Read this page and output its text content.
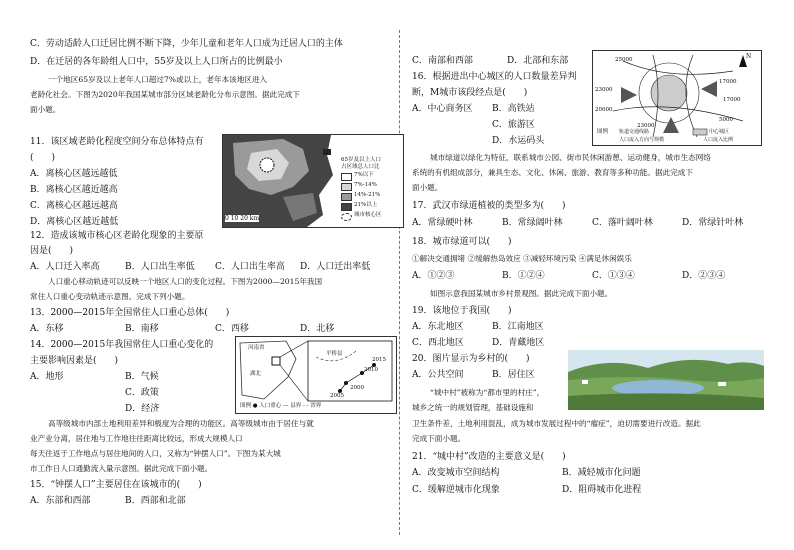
C．劳动适龄人口迁居比例不断下降，少年儿童和老年人口成为迁居人口的主体
D．在迁居的各年龄组人口中，55岁及以上人口所占的比例最小
一个地区65岁及以上老年人口超过7%或以上，老年本该地区进入
老龄化社会。下图为2020年我国某城市部分区域老龄化分布示意图。据此完成下
面小题。
11．该区域老龄化程度空间分布总体特点有
(　　)
A．离核心区越远越低
B．离核心区越近越高
C．离核心区越远越高
D．离核心区越近越低	0 10 20 km
65岁及以上人口
占区域总人口比
7%以下
7%-14%
14%-21%
21%以上
城市核心区
12．造成该城市核心区老龄化现象的主要原
因是(　　)
A．人口迁入率高	B．人口出生率低 C．人口出生率高 D．人口迁出率低
人口重心移动轨迹可以反映一个地区人口的变化过程。下图为2000—2015年我国
常住人口重心变动轨迹示意图。完成下列小题。
13．2000—2015年全国常住人口重心总体(　　)
A．东移	B．南移	C．西移	D．北移
14．2000—2015年我国常住人口重心变化的
主要影响因素是(　　)
A．地形	B．气候
C．政策
D．经济
河南省
湖北
平桥县
2015
2010
2005
2000
图例 ● 人口重心 — 县界 - - 省界
高等级城市内部土地利用差异和极度为合理的功能区。高等级城市由于居住与就
业产业分离，居住地与工作地往往距离比较远，形成大规模人口
每天往返于工作地点与居住地间的人口，又称为“钟摆人口”。下图为某大城
市工作日人口通勤流入量示意图。据此完成下面小题。
15．“钟摆人口”主要居住在该城市的(　　)
A．东部和西部	B．西部和北部
C．南部和西部	D．北部和东部
16．根据进出中心城区的人口数量差异判
断，M城市该段经点是(　　)
A．中心商务区 B．高铁站
C．旅游区
D．水运码头
N
25000
17000
23000
17000
20000
5000
23000
图例 轨道交通线路	中心城区
人口流入方向与规模	人口流入比例
城市绿道以绿化为特征，联系城市公园、街市民休闲游憩、运动健身，城市生态网络
系统的有机组成部分，兼具生态、文化、休闲、旅游、教育等多种功能。据此完成下
面小题。
17．武汉市绿道植被的类型多为(　　)
A．常绿硬叶林	B．常绿阔叶林	C．落叶阔叶林	D．常绿针叶林
18．城市绿道可以(　　)
①解决交通拥堵 ②缓解热岛效应 ③减轻环境污染 ④满足休闲娱乐
A．①②③	B．①②④	C．①③④	D．②③④
如图示意我国某城市乡村景观图。据此完成下面小题。
19．该地位于我国(　　)
A．东北地区	B．江南地区
C．西北地区	D．青藏地区
20．图片显示为乡村的(　　)
A．公共空间	B．居住区
“城中村”被称为“都市里的村庄”，
城乡之统一的规划管理，基础设施和
卫生条件差，土地利用混乱，成为城市发展过程中的“瘤症”，迫切需要进行改造。据此
完成下面小题。
21．“城中村”改造的主要意义是(　　)
A．改变城市空间结构	B．减轻城市化问题
C．缓解逆城市化现象	D．阻碍城市化进程
